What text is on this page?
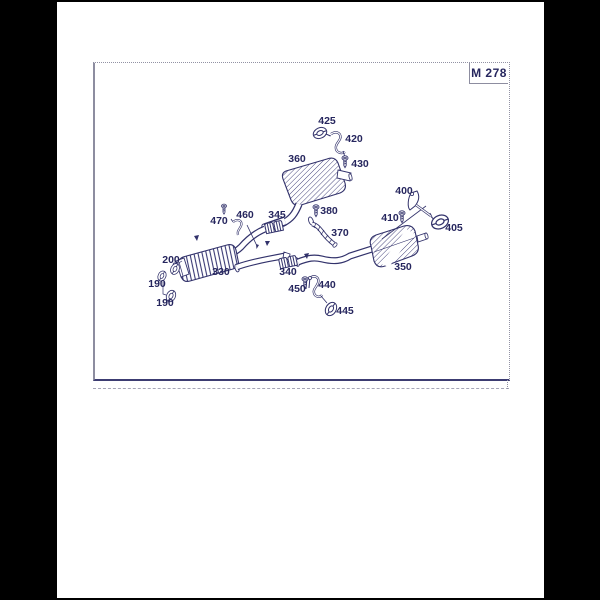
M 278
425
420
360	430
400
410
405
380
370
345
460
470
200
330	340
190
190
450 440
445
350
